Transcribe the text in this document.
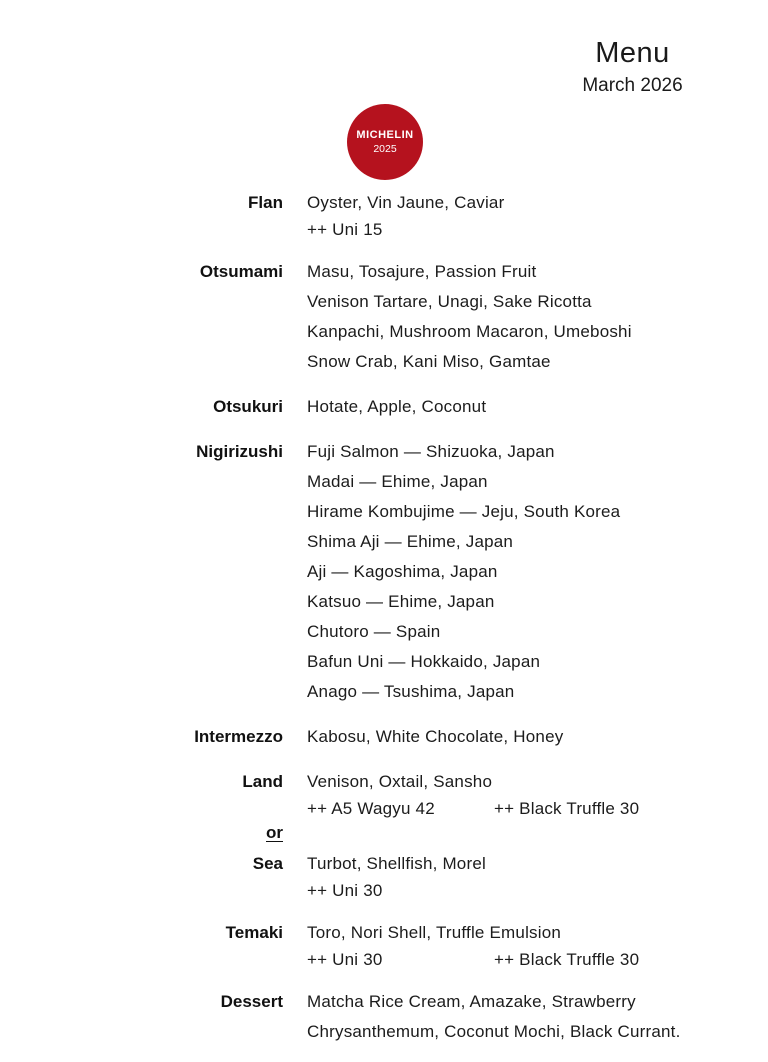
Menu
March 2026
MICHELIN
2025
Flan Oyster, Vin Jaune, Caviar
++ Uni 15
Otsumami Masu, Tosajure, Passion Fruit
Venison Tartare, Unagi, Sake Ricotta
Kanpachi, Mushroom Macaron, Umeboshi
Snow Crab, Kani Miso, Gamtae
Otsukuri Hotate, Apple, Coconut
Nigirizushi Fuji Salmon — Shizuoka, Japan
Madai — Ehime, Japan
Hirame Kombujime — Jeju, South Korea
Shima Aji — Ehime, Japan
Aji — Kagoshima, Japan
Katsuo — Ehime, Japan
Chutoro — Spain
Bafun Uni — Hokkaido, Japan
Anago — Tsushima, Japan
Intermezzo Kabosu, White Chocolate, Honey
Land Venison, Oxtail, Sansho
++ A5 Wagyu 42	++ Black Truffle 30
or
Sea Turbot, Shellfish, Morel
++ Uni 30
Temaki Toro, Nori Shell, Truffle Emulsion
++ Uni 30	++ Black Truffle 30
Dessert Matcha Rice Cream, Amazake, Strawberry
Chrysanthemum, Coconut Mochi, Black Currant.
